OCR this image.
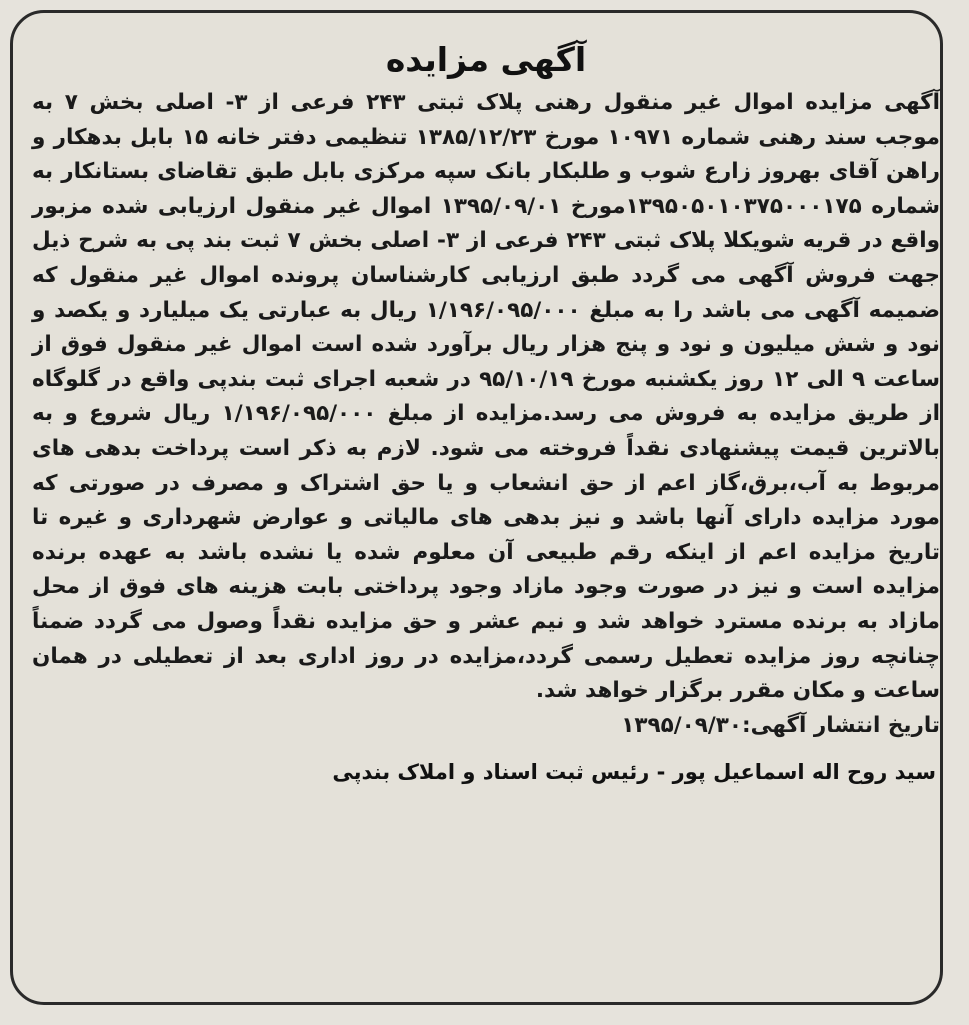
آگهی مزایده

آگهی مزایده اموال غیر منقول رهنی پلاک ثبتی ۲۴۳ فرعی از ۳- اصلی بخش ۷ به موجب سند رهنی شماره ۱۰۹۷۱ مورخ ۱۳۸۵/۱۲/۲۳ تنظیمی دفتر خانه ۱۵ بابل بدهکار و راهن آقای بهروز زارع شوب و طلبکار بانک سپه مرکزی بابل طبق تقاضای بستانکار به شماره ۱۳۹۵۰۵۰۱۰۳۷۵۰۰۰۱۷۵مورخ ۱۳۹۵/۰۹/۰۱ اموال غیر منقول ارزیابی شده مزبور واقع در قریه شویکلا پلاک ثبتی ۲۴۳ فرعی از ۳- اصلی بخش ۷ ثبت بند پی به شرح ذیل جهت فروش آگهی می گردد طبق ارزیابی کارشناسان پرونده اموال غیر منقول که ضمیمه آگهی می باشد را به مبلغ ۱/۱۹۶/۰۹۵/۰۰۰ ریال به عبارتی یک میلیارد و یکصد و نود و شش میلیون و نود و پنج هزار ریال برآورد شده است اموال غیر منقول فوق از ساعت ۹ الی ۱۲ روز یکشنبه مورخ ۹۵/۱۰/۱۹ در شعبه اجرای ثبت بندپی واقع در گلوگاه از طریق مزایده به فروش می رسد.مزایده از مبلغ ۱/۱۹۶/۰۹۵/۰۰۰ ریال شروع و به بالاترین قیمت پیشنهادی نقداً فروخته می شود. لازم به ذکر است پرداخت بدهی های مربوط به آب،برق،گاز اعم از حق انشعاب و یا حق اشتراک و مصرف در صورتی که مورد مزایده دارای آنها باشد و نیز بدهی های مالیاتی و عوارض شهرداری و غیره تا تاریخ مزایده اعم از اینکه رقم طبیعی آن معلوم شده یا نشده باشد به عهده برنده مزایده است و نیز در صورت وجود مازاد وجود پرداختی بابت هزینه های فوق از محل مازاد به برنده مسترد خواهد شد و نیم عشر و حق مزایده نقداً وصول می گردد ضمناً چنانچه روز مزایده تعطیل رسمی گردد،مزایده در روز اداری بعد از تعطیلی در همان ساعت و مکان مقرر برگزار خواهد شد.

تاریخ انتشار آگهی:۱۳۹۵/۰۹/۳۰

سید روح اله اسماعیل پور - رئیس ثبت اسناد و املاک بندپی
